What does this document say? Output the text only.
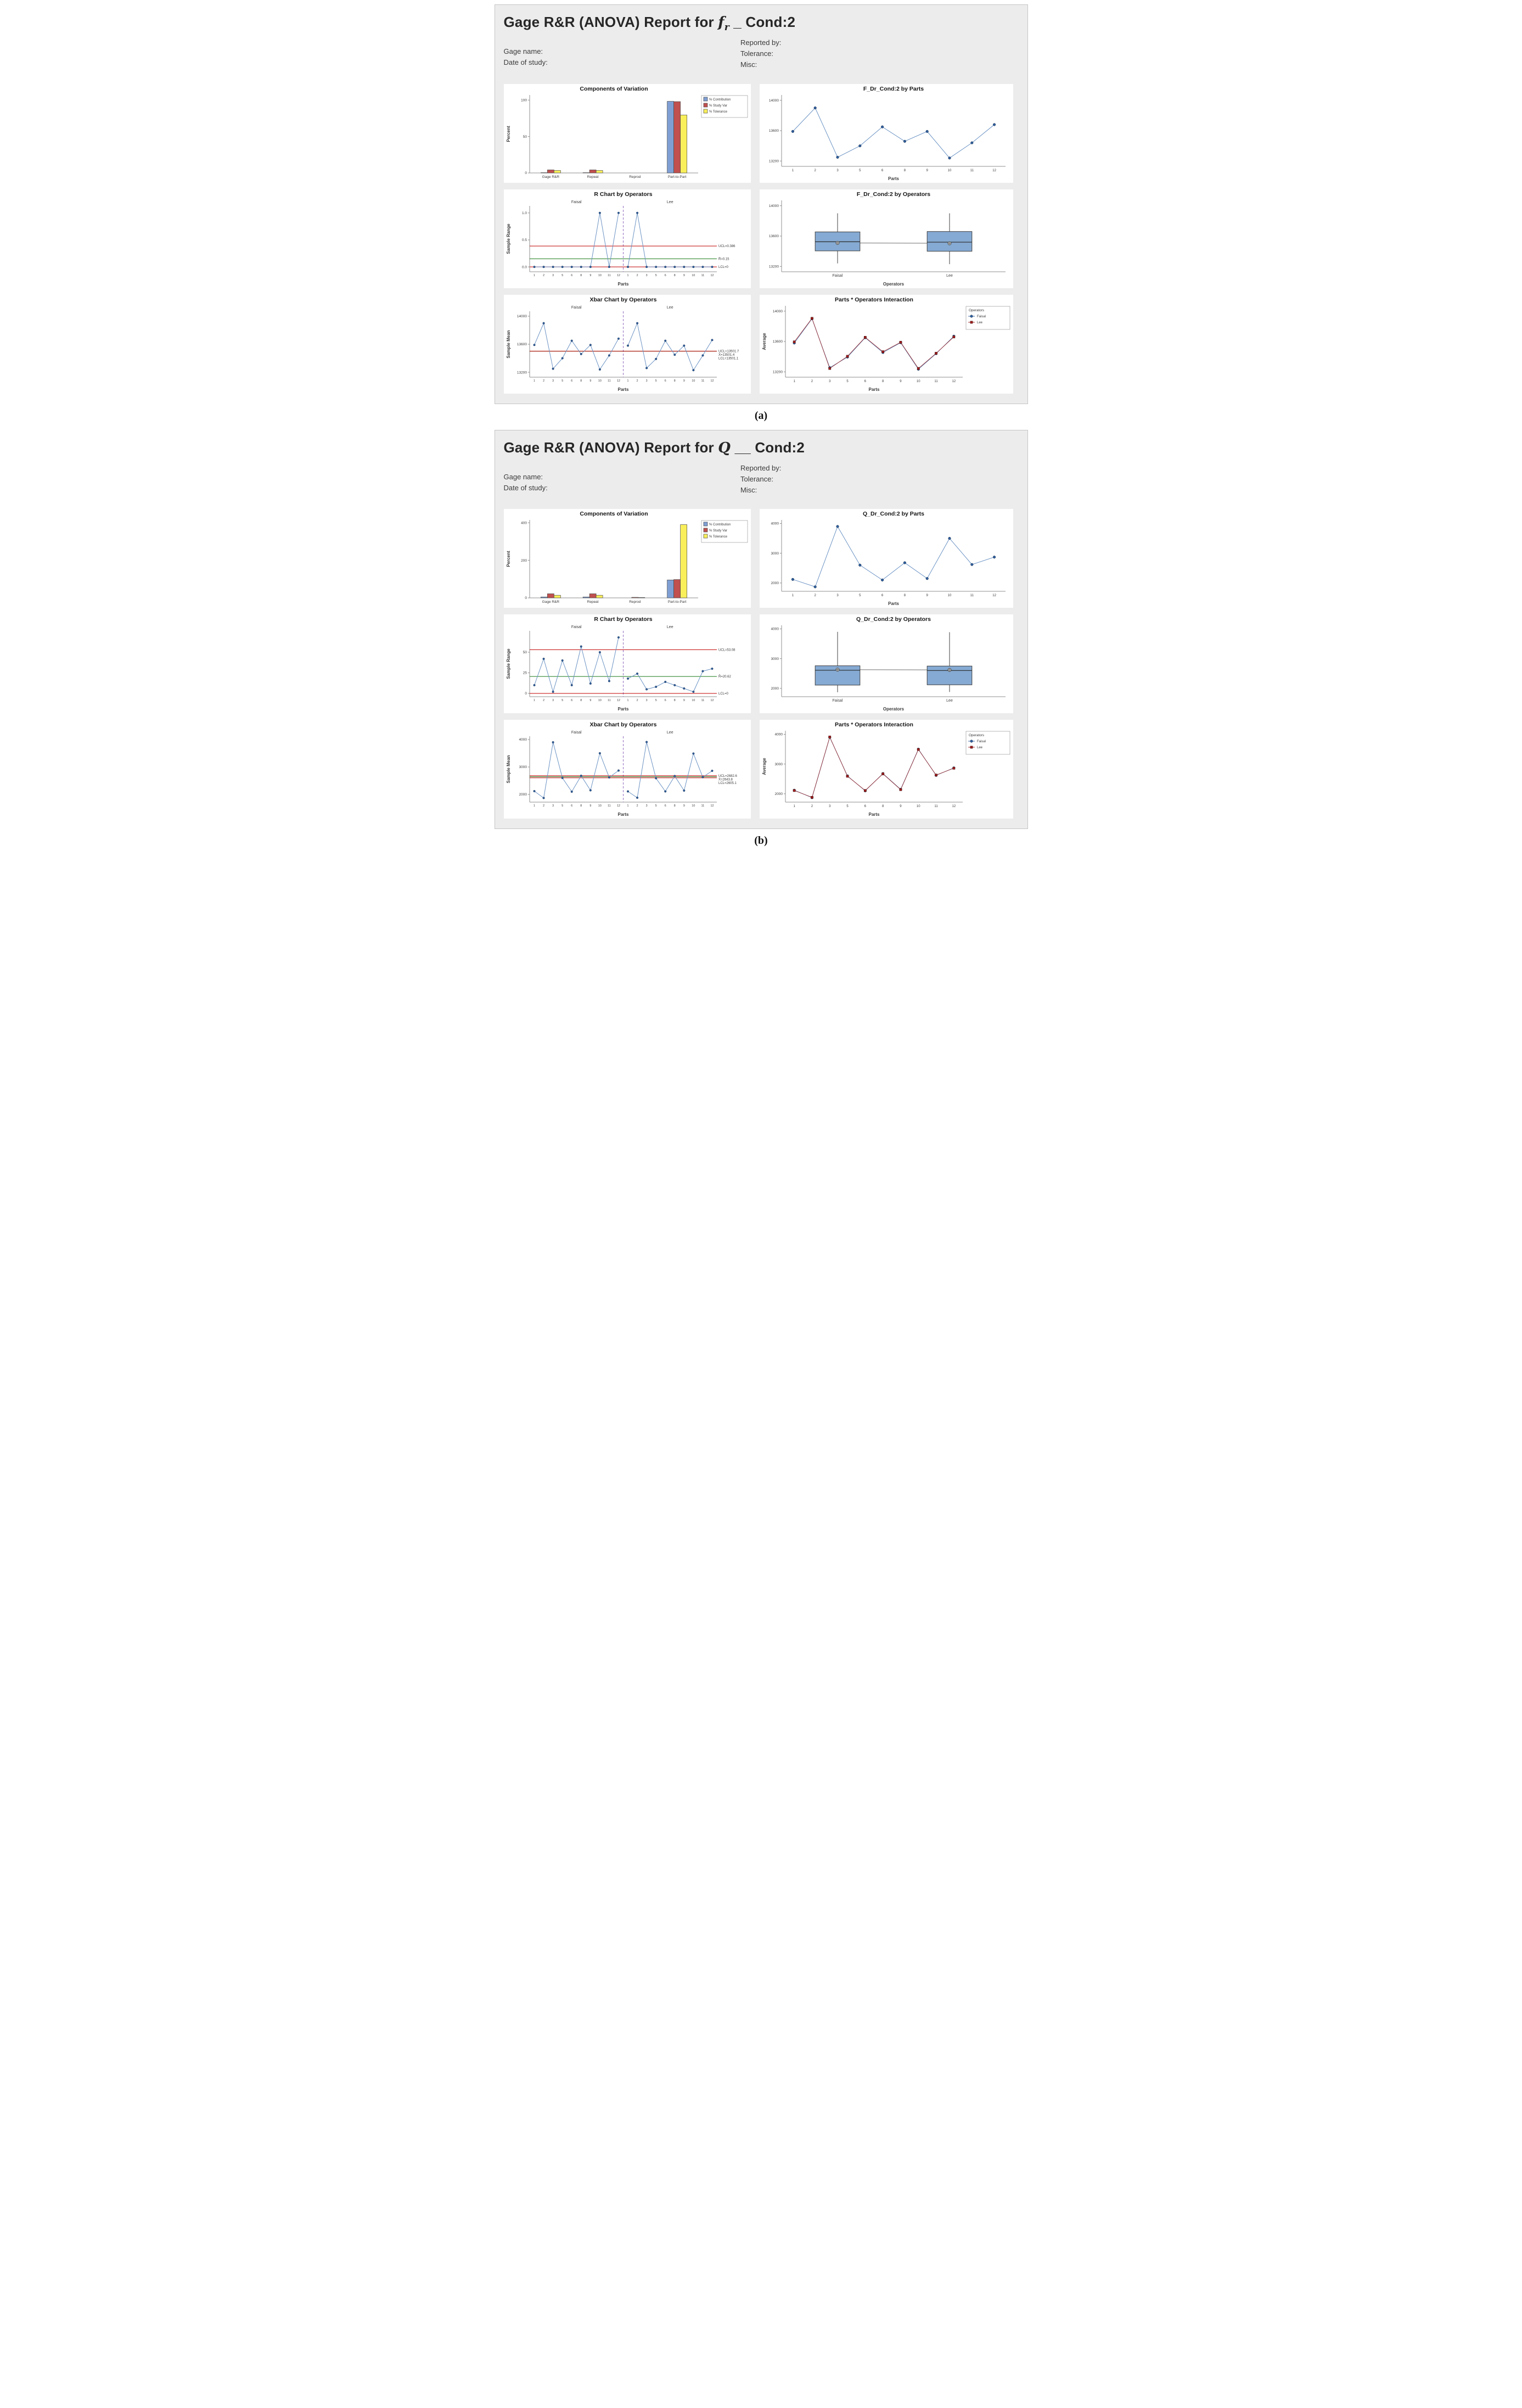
Gage R&R (ANOVA) Report for $f_r$ _ Cond:2
Gage name:
Date of study:
Reported by:
Tolerance:
Misc:
Components of Variation
0
50
100
Percent
Gage R&R	Repeat	Reprod	Part-to-Part
% Contribution
% Study Var
% Tolerance
F_Dr_Cond:2 by Parts
13200
13600
14000
Parts
1	2	3	5	6	8	9	10	11	12
R Chart by Operators
0.0
0.5
1.0
Sample Range
Parts
Faisal	Lee
UCL=0.386
R̄=0.15
LCL=0
1	2	3	5	6	8	9 10 11 12 1	2	3	5	6	8	9 10 11 12
F_Dr_Cond:2 by Operators
13200
13600
14000
Operators
Faisal	Lee
Xbar Chart by Operators
13200
13600
14000
Sample Mean
Parts
Faisal	Lee
UCL=13501.7
X̄=13501.4
LCL=13501.1
1	2	3	5	6	8	9 10 11 12 1	2	3	5	6	8	9 10 11 12
Parts * Operators Interaction
13200
13600
14000
Average
Parts
1	2	3	5	6	8	9	10	11	12
Operators
Faisal
Lee
(a)
Gage R&R (ANOVA) Report for Q __ Cond:2
Gage name:
Date of study:
Reported by:
Tolerance:
Misc:
Components of Variation
0
200
400
Percent
Gage R&R	Repeat	Reprod	Part-to-Part
% Contribution
% Study Var
% Tolerance
Q_Dr_Cond:2 by Parts
2000
3000
4000
Parts
1	2	3	5	6	8	9	10	11	12
R Chart by Operators
0
25
50
Sample Range
Parts
Faisal	Lee
UCL=53.08
R̄=20.62
LCL=0
1	2	3	5	6	8	9 10 11 12 1	2	3	5	6	8	9 10 11 12
Q_Dr_Cond:2 by Operators
2000
3000
4000
Operators
Faisal	Lee
Xbar Chart by Operators
2000
3000
4000
Sample Mean
Parts
Faisal	Lee
UCL=2682.6
X̄=2643.8
LCL=2605.1
1	2	3	5	6	8	9 10 11 12 1	2	3	5	6	8	9 10 11 12
Parts * Operators Interaction
2000
3000
4000
Average
Parts
1	2	3	5	6	8	9	10	11	12
Operators
Faisal
Lee
(b)
